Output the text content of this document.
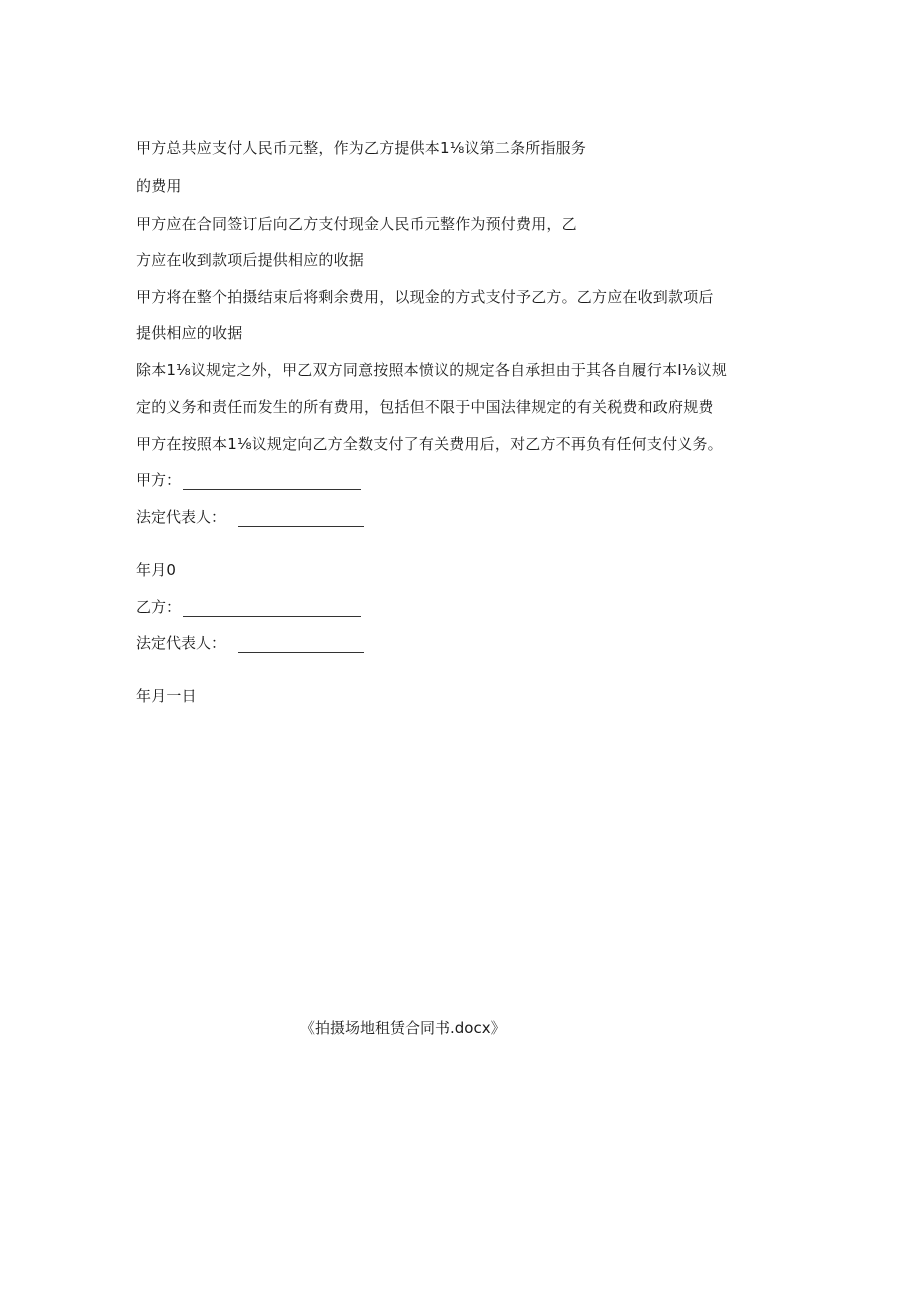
甲方总共应支付人民币元整，作为乙方提供本1⅛议第二条所指服务
的费用
甲方应在合同签订后向乙方支付现金人民币元整作为预付费用，乙
方应在收到款项后提供相应的收据
甲方将在整个拍摄结束后将剩余费用，以现金的方式支付予乙方。乙方应在收到款项后
提供相应的收据
除本1⅛议规定之外，甲乙双方同意按照本愤议的规定各自承担由于其各自履行本I⅛议规
定的义务和责任而发生的所有费用，包括但不限于中国法律规定的有关税费和政府规费
甲方在按照本1⅛议规定向乙方全数支付了有关费用后，对乙方不再负有任何支付义务。
甲方：
法定代表人：
年月0
乙方：
法定代表人：
年月一日
《拍摄场地租赁合同书.docx》
